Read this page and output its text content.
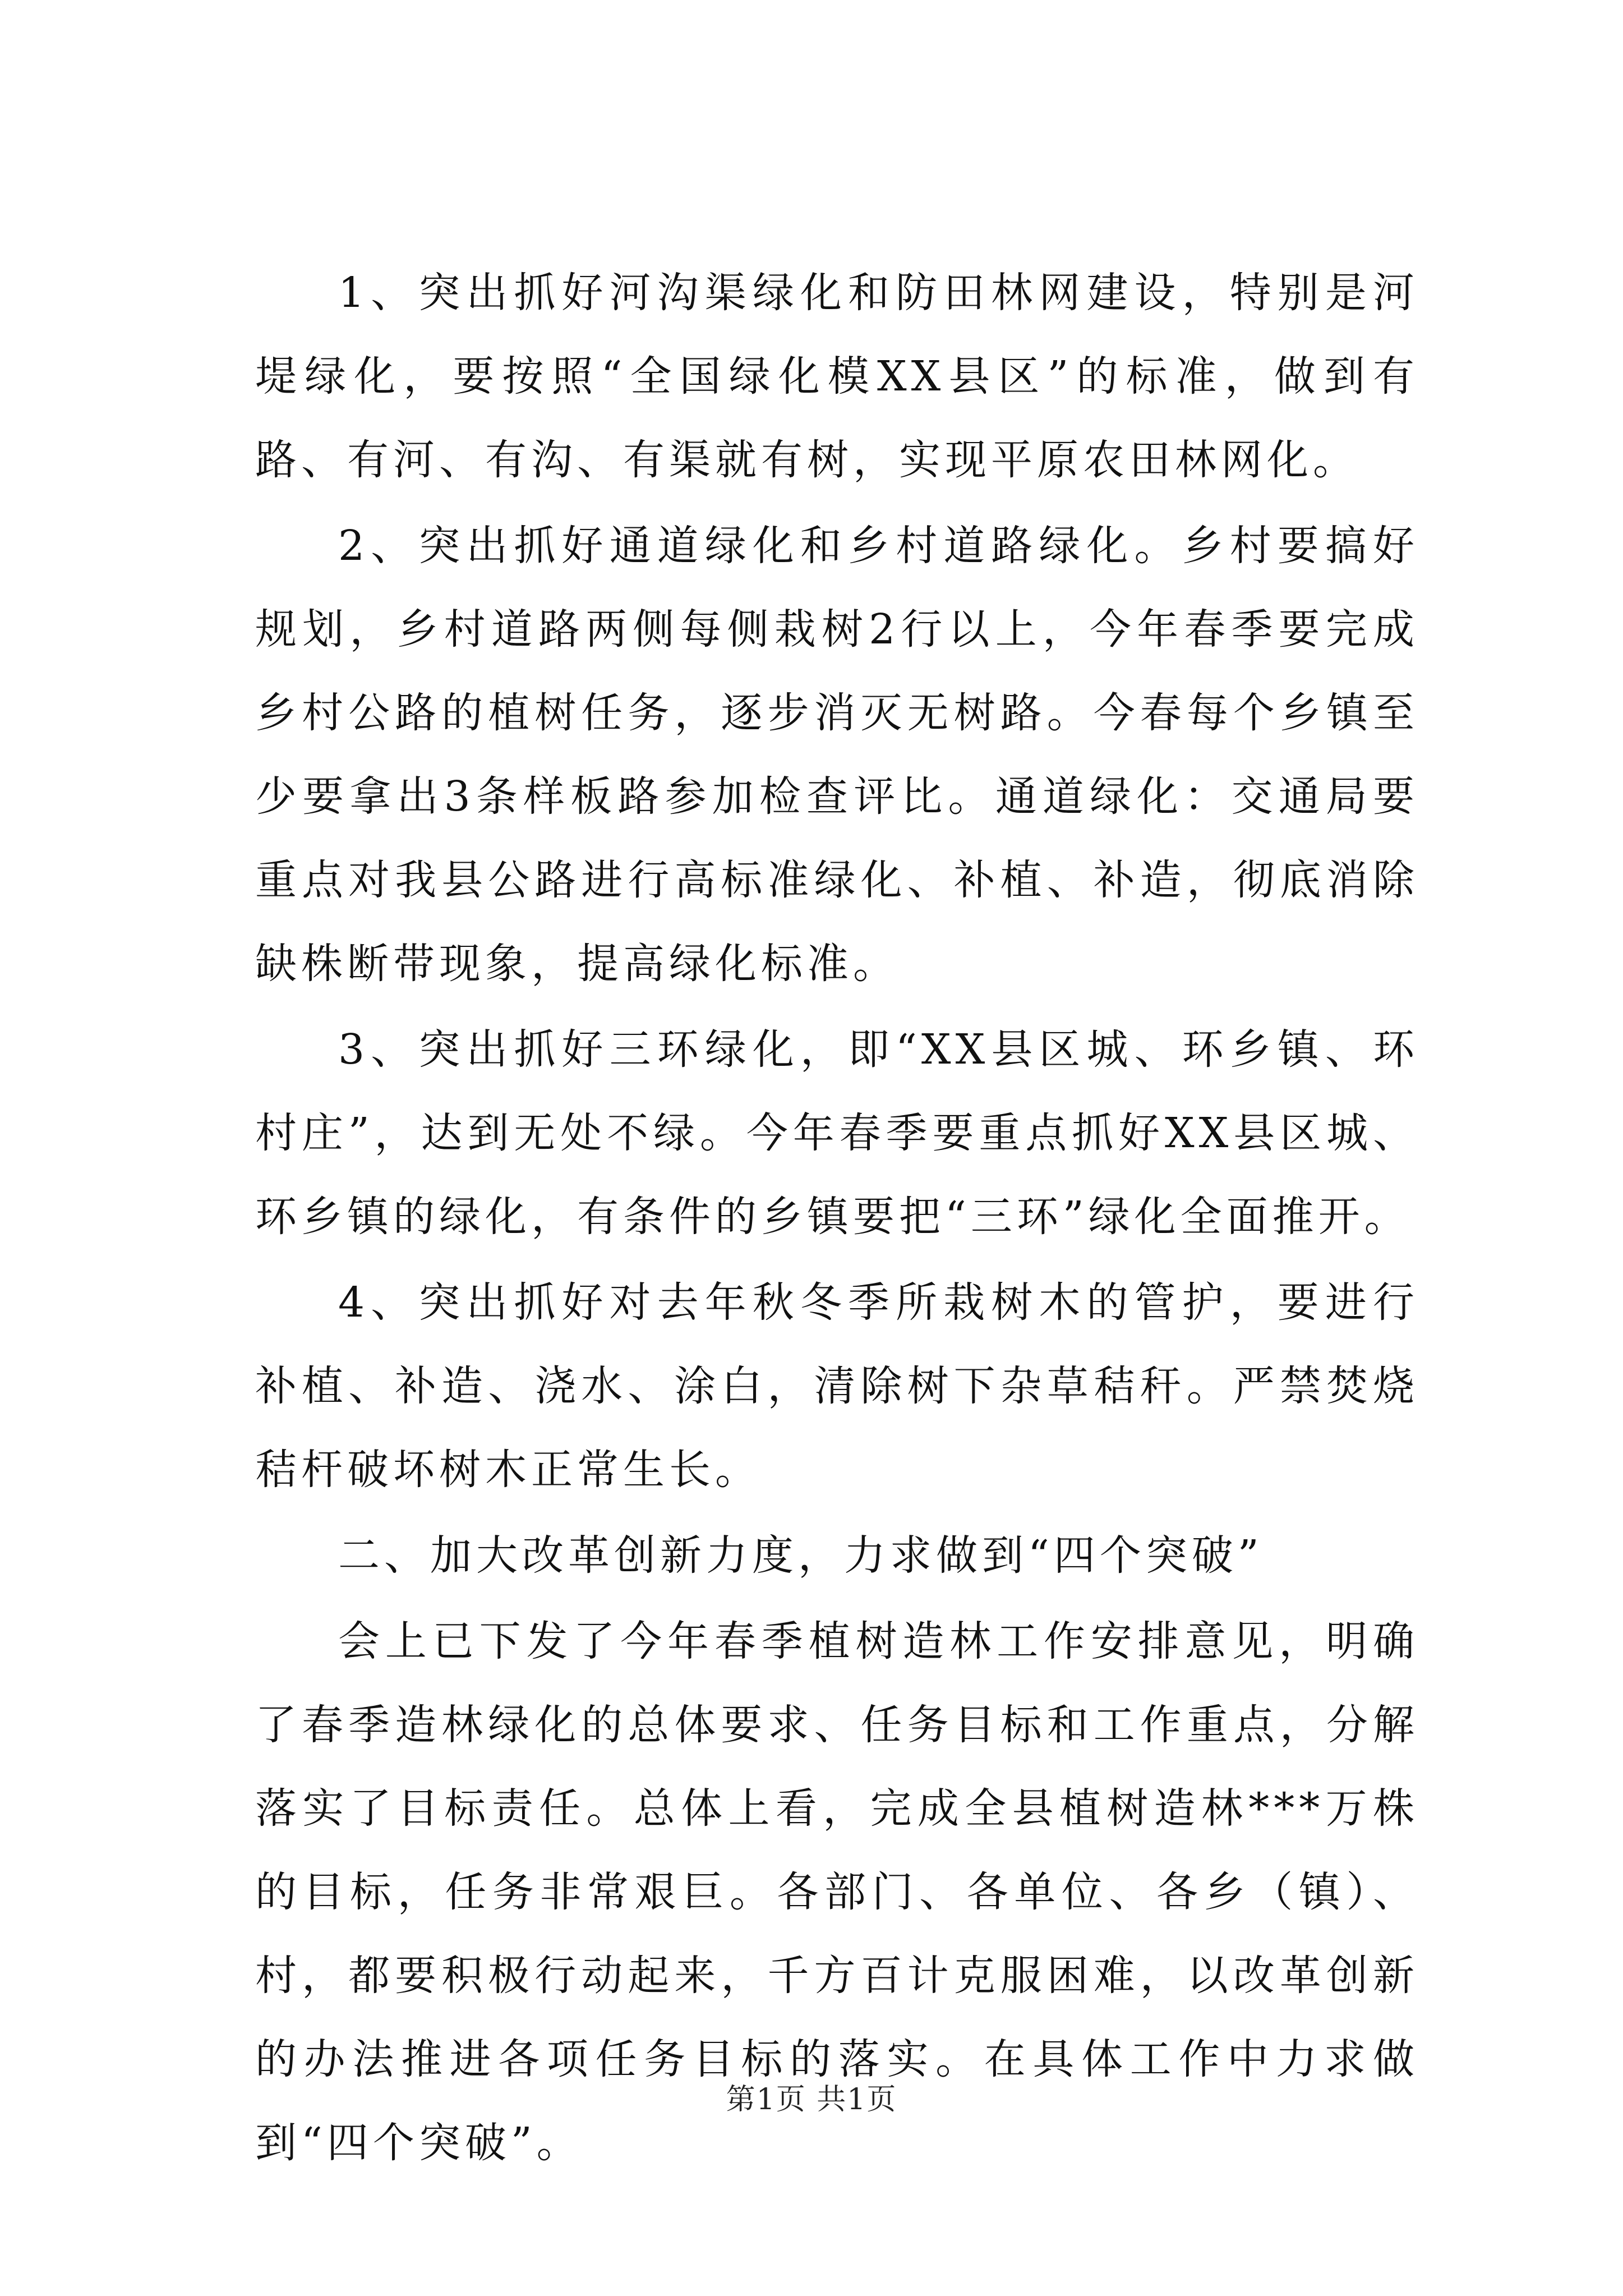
1、突出抓好河沟渠绿化和防田林网建设，特别是河堤绿化，要按照“全国绿化模XX县区”的标准，做到有路、有河、有沟、有渠就有树，实现平原农田林网化。

2、突出抓好通道绿化和乡村道路绿化。乡村要搞好规划，乡村道路两侧每侧栽树2行以上，今年春季要完成乡村公路的植树任务，逐步消灭无树路。今春每个乡镇至少要拿出3条样板路参加检查评比。通道绿化：交通局要重点对我县公路进行高标准绿化、补植、补造，彻底消除缺株断带现象，提高绿化标准。

3、突出抓好三环绿化，即“XX县区城、环乡镇、环村庄”，达到无处不绿。今年春季要重点抓好XX县区城、环乡镇的绿化，有条件的乡镇要把“三环”绿化全面推开。

4、突出抓好对去年秋冬季所栽树木的管护，要进行补植、补造、浇水、涂白，清除树下杂草秸秆。严禁焚烧秸杆破坏树木正常生长。

二、加大改革创新力度，力求做到“四个突破”

会上已下发了今年春季植树造林工作安排意见，明确了春季造林绿化的总体要求、任务目标和工作重点，分解落实了目标责任。总体上看，完成全县植树造林***万株的目标，任务非常艰巨。各部门、各单位、各乡（镇）、村，都要积极行动起来，千方百计克服困难，以改革创新的办法推进各项任务目标的落实。在具体工作中力求做到“四个突破”。

第1页 共1页
